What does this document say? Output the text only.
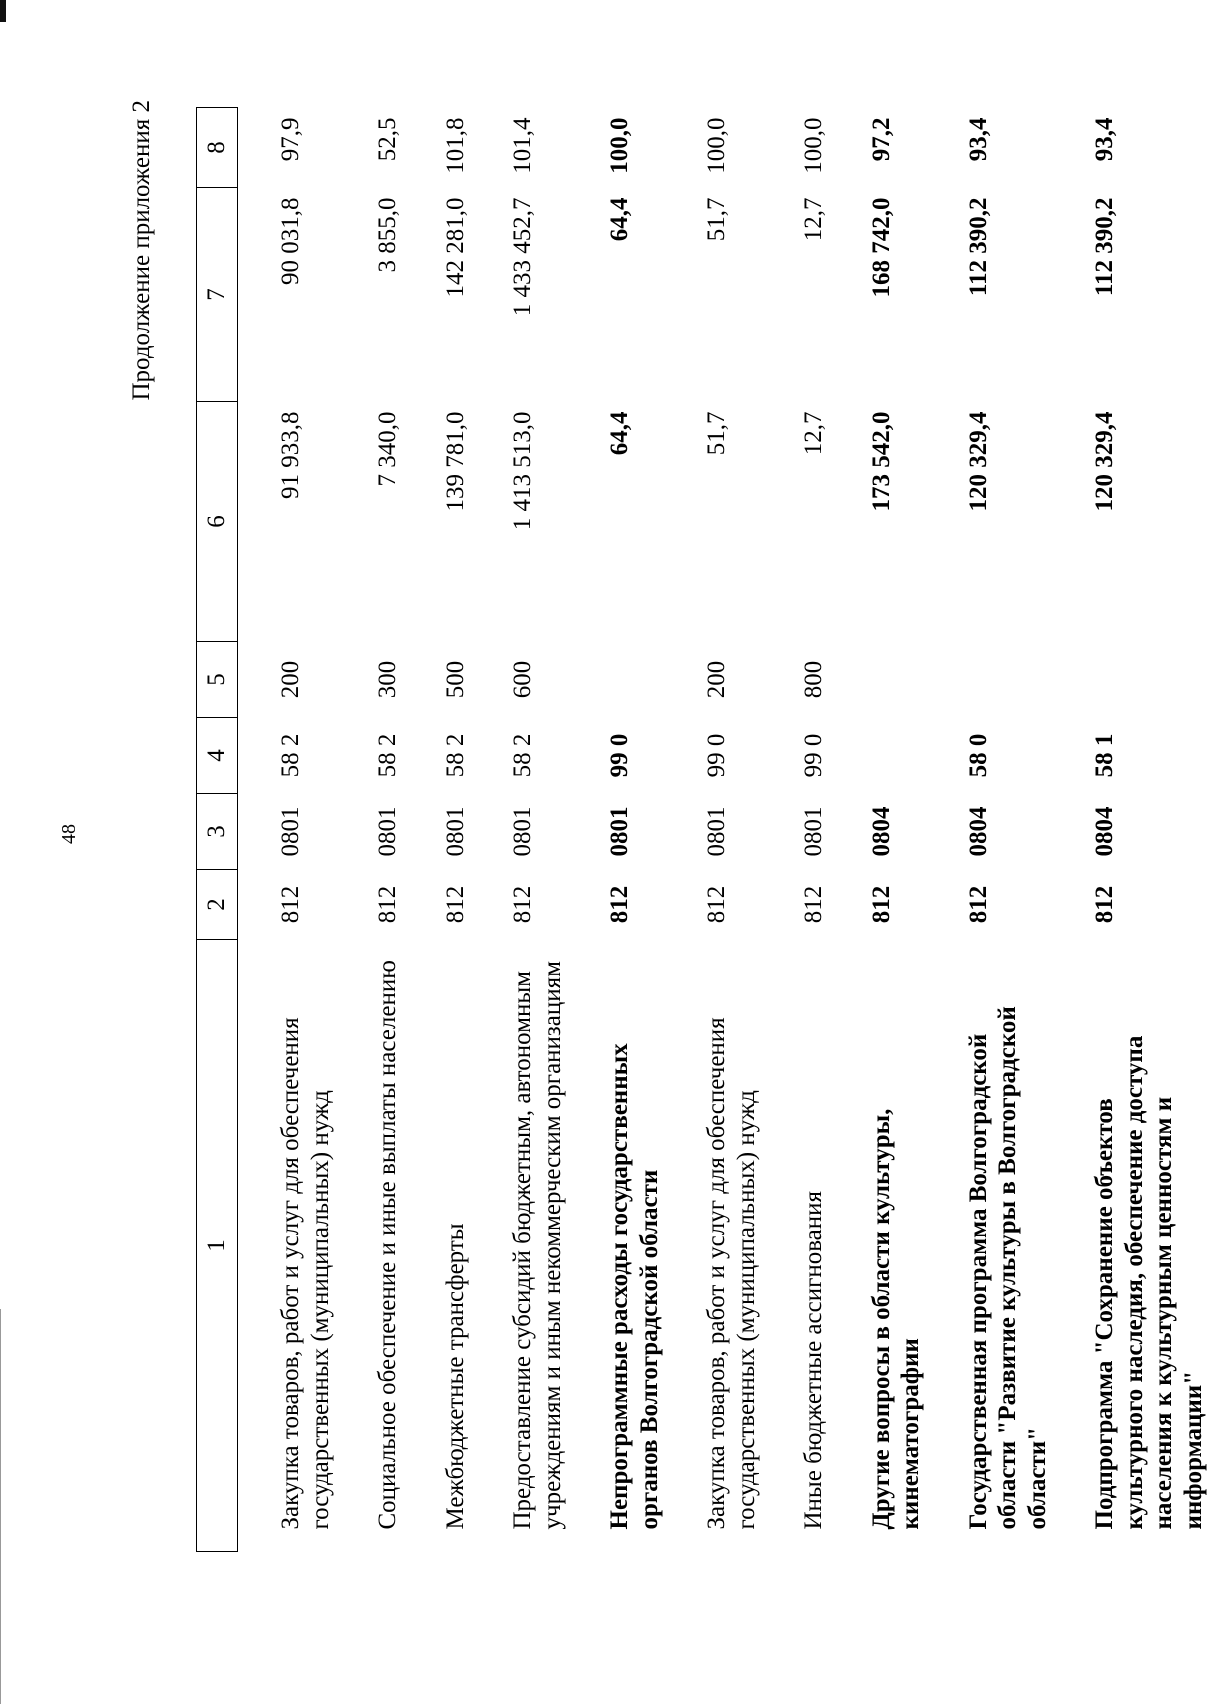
48
Продолжение приложения 2
1	2	3	4	5	6	7	8
Закупка товаров, работ и услуг для обеспечения государственных (муниципальных) нужд	812	0801	58 2	200	91 933,8	90 031,8	97,9
Социальное обеспечение и иные выплаты населению	812	0801	58 2	300	7 340,0	3 855,0	52,5
Межбюджетные трансферты	812	0801	58 2	500	139 781,0	142 281,0	101,8
Предоставление субсидий бюджетным, автономным учреждениям и иным некоммерческим организациям	812	0801	58 2	600	1 413 513,0	1 433 452,7	101,4
Непрограммные расходы государственных органов Волгоградской области	812	0801	99 0		64,4	64,4	100,0
Закупка товаров, работ и услуг для обеспечения государственных (муниципальных) нужд	812	0801	99 0	200	51,7	51,7	100,0
Иные бюджетные ассигнования	812	0801	99 0	800	12,7	12,7	100,0
Другие вопросы в области культуры, кинематографии	812	0804			173 542,0	168 742,0	97,2
Государственная программа Волгоградской области "Развитие культуры в Волгоградской области"	812	0804	58 0		120 329,4	112 390,2	93,4
Подпрограмма "Сохранение объектов культурного наследия, обеспечение доступа населения к культурным ценностям и информации"	812	0804	58 1		120 329,4	112 390,2	93,4
